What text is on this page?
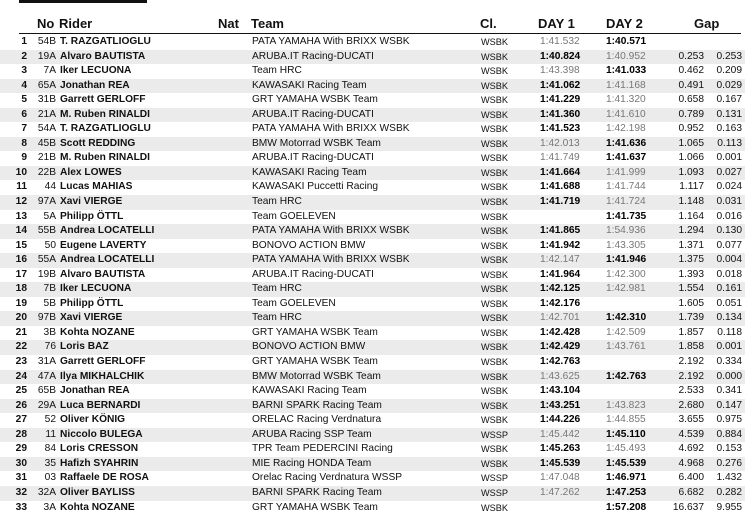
No Rider	Nat Team	Cl.	DAY 1 DAY 2	Gap
1	54B	T. RAZGATLIOGLU		PATA YAMAHA With BRIXX WSBK	WSBK	1:41.532	1:40.571		
2	19A	Alvaro BAUTISTA		ARUBA.IT Racing-DUCATI	WSBK	1:40.824	1:40.952	0.253	0.253
3	7A	Iker LECUONA		Team HRC	WSBK	1:43.398	1:41.033	0.462	0.209
4	65A	Jonathan REA		KAWASAKI Racing Team	WSBK	1:41.062	1:41.168	0.491	0.029
5	31B	Garrett GERLOFF		GRT YAMAHA WSBK Team	WSBK	1:41.229	1:41.320	0.658	0.167
6	21A	M. Ruben RINALDI		ARUBA.IT Racing-DUCATI	WSBK	1:41.360	1:41.610	0.789	0.131
7	54A	T. RAZGATLIOGLU		PATA YAMAHA With BRIXX WSBK	WSBK	1:41.523	1:42.198	0.952	0.163
8	45B	Scott REDDING		BMW Motorrad WSBK Team	WSBK	1:42.013	1:41.636	1.065	0.113
9	21B	M. Ruben RINALDI		ARUBA.IT Racing-DUCATI	WSBK	1:41.749	1:41.637	1.066	0.001
10	22B	Alex LOWES		KAWASAKI Racing Team	WSBK	1:41.664	1:41.999	1.093	0.027
11	44	Lucas MAHIAS		KAWASAKI Puccetti Racing	WSBK	1:41.688	1:41.744	1.117	0.024
12	97A	Xavi VIERGE		Team HRC	WSBK	1:41.719	1:41.724	1.148	0.031
13	5A	Philipp ÖTTL		Team GOELEVEN	WSBK		1:41.735	1.164	0.016
14	55B	Andrea LOCATELLI		PATA YAMAHA With BRIXX WSBK	WSBK	1:41.865	1:54.936	1.294	0.130
15	50	Eugene LAVERTY		BONOVO ACTION BMW	WSBK	1:41.942	1:43.305	1.371	0.077
16	55A	Andrea LOCATELLI		PATA YAMAHA With BRIXX WSBK	WSBK	1:42.147	1:41.946	1.375	0.004
17	19B	Alvaro BAUTISTA		ARUBA.IT Racing-DUCATI	WSBK	1:41.964	1:42.300	1.393	0.018
18	7B	Iker LECUONA		Team HRC	WSBK	1:42.125	1:42.981	1.554	0.161
19	5B	Philipp ÖTTL		Team GOELEVEN	WSBK	1:42.176		1.605	0.051
20	97B	Xavi VIERGE		Team HRC	WSBK	1:42.701	1:42.310	1.739	0.134
21	3B	Kohta NOZANE		GRT YAMAHA WSBK Team	WSBK	1:42.428	1:42.509	1.857	0.118
22	76	Loris BAZ		BONOVO ACTION BMW	WSBK	1:42.429	1:43.761	1.858	0.001
23	31A	Garrett GERLOFF		GRT YAMAHA WSBK Team	WSBK	1:42.763		2.192	0.334
24	47A	Ilya MIKHALCHIK		BMW Motorrad WSBK Team	WSBK	1:43.625	1:42.763	2.192	0.000
25	65B	Jonathan REA		KAWASAKI Racing Team	WSBK	1:43.104		2.533	0.341
26	29A	Luca BERNARDI		BARNI SPARK Racing Team	WSBK	1:43.251	1:43.823	2.680	0.147
27	52	Oliver KÖNIG		ORELAC Racing Verdnatura	WSBK	1:44.226	1:44.855	3.655	0.975
28	11	Niccolo BULEGA		ARUBA Racing SSP Team	WSSP	1:45.442	1:45.110	4.539	0.884
29	84	Loris CRESSON		TPR Team PEDERCINI Racing	WSBK	1:45.263	1:45.493	4.692	0.153
30	35	Hafizh SYAHRIN		MIE Racing HONDA Team	WSBK	1:45.539	1:45.539	4.968	0.276
31	03	Raffaele DE ROSA		Orelac Racing Verdnatura WSSP	WSSP	1:47.048	1:46.971	6.400	1.432
32	32A	Oliver BAYLISS		BARNI SPARK Racing Team	WSSP	1:47.262	1:47.253	6.682	0.282
33	3A	Kohta NOZANE		GRT YAMAHA WSBK Team	WSBK		1:57.208	16.637	9.955
